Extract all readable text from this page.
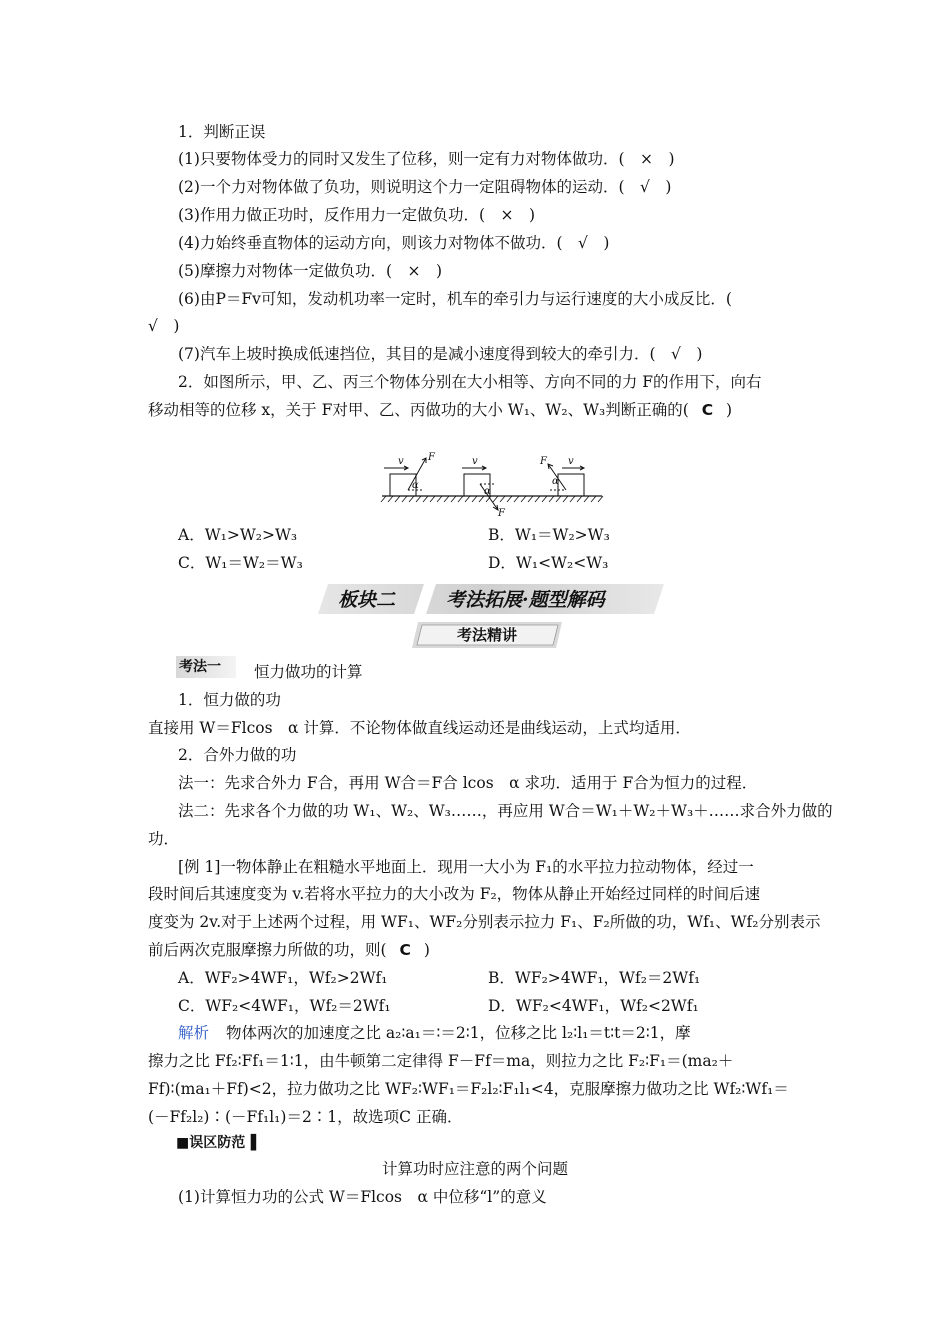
1．判断正误
(1)只要物体受力的同时又发生了位移，则一定有力对物体做功．(　×　)
(2)一个力对物体做了负功，则说明这个力一定阻碍物体的运动．(　√　)
(3)作用力做正功时，反作用力一定做负功．(　×　)
(4)力始终垂直物体的运动方向，则该力对物体不做功．(　√　)
(5)摩擦力对物体一定做负功．(　×　)
(6)由P＝Fv可知，发动机功率一定时，机车的牵引力与运行速度的大小成反比．(
√　)
(7)汽车上坡时换成低速挡位，其目的是减小速度得到较大的牵引力．(　√　)
2．如图所示，甲、乙、丙三个物体分别在大小相等、方向不同的力 F的作用下，向右
移动相等的位移 x，关于 F对甲、乙、丙做功的大小 W₁、W₂、W₃判断正确的( C )
v F
α
v
F
α
v
F
α
A．W₁>W₂>W₃	B．W₁＝W₂>W₃
C．W₁＝W₂＝W₃	D．W₁<W₂<W₃
板块二	考法拓展·题型解码
考法精讲
考法一 恒力做功的计算
1．恒力做的功
直接用 W＝Flcos　α 计算．不论物体做直线运动还是曲线运动，上式均适用．
2．合外力做的功
法一：先求合外力 F合，再用 W合＝F合 lcos　α 求功．适用于 F合为恒力的过程．
法二：先求各个力做的功 W₁、W₂、W₃……，再应用 W合＝W₁＋W₂＋W₃＋……求合外力做的
功．
[例 1]一物体静止在粗糙水平地面上．现用一大小为 F₁的水平拉力拉动物体，经过一
段时间后其速度变为 v.若将水平拉力的大小改为 F₂，物体从静止开始经过同样的时间后速
度变为 2v.对于上述两个过程，用 WF₁、WF₂分别表示拉力 F₁、F₂所做的功，Wf₁、Wf₂分别表示
前后两次克服摩擦力所做的功，则( C )
A．WF₂>4WF₁，Wf₂>2Wf₁	B．WF₂>4WF₁，Wf₂＝2Wf₁
C．WF₂<4WF₁，Wf₂＝2Wf₁	D．WF₂<4WF₁，Wf₂<2Wf₁
解析 物体两次的加速度之比 a₂∶a₁＝∶＝2∶1，位移之比 l₂∶l₁＝t∶t＝2∶1，摩
擦力之比 Ff₂∶Ff₁＝1∶1，由牛顿第二定律得 F－Ff＝ma，则拉力之比 F₂∶F₁＝(ma₂＋
Ff)∶(ma₁＋Ff)<2，拉力做功之比 WF₂∶WF₁＝F₂l₂∶F₁l₁<4，克服摩擦力做功之比 Wf₂∶Wf₁＝
(－Ff₂l₂)∶(－Ff₁l₁)＝2∶1，故选项C 正确．
■误区防范▐
计算功时应注意的两个问题
(1)计算恒力功的公式 W＝Flcos　α 中位移“l”的意义
